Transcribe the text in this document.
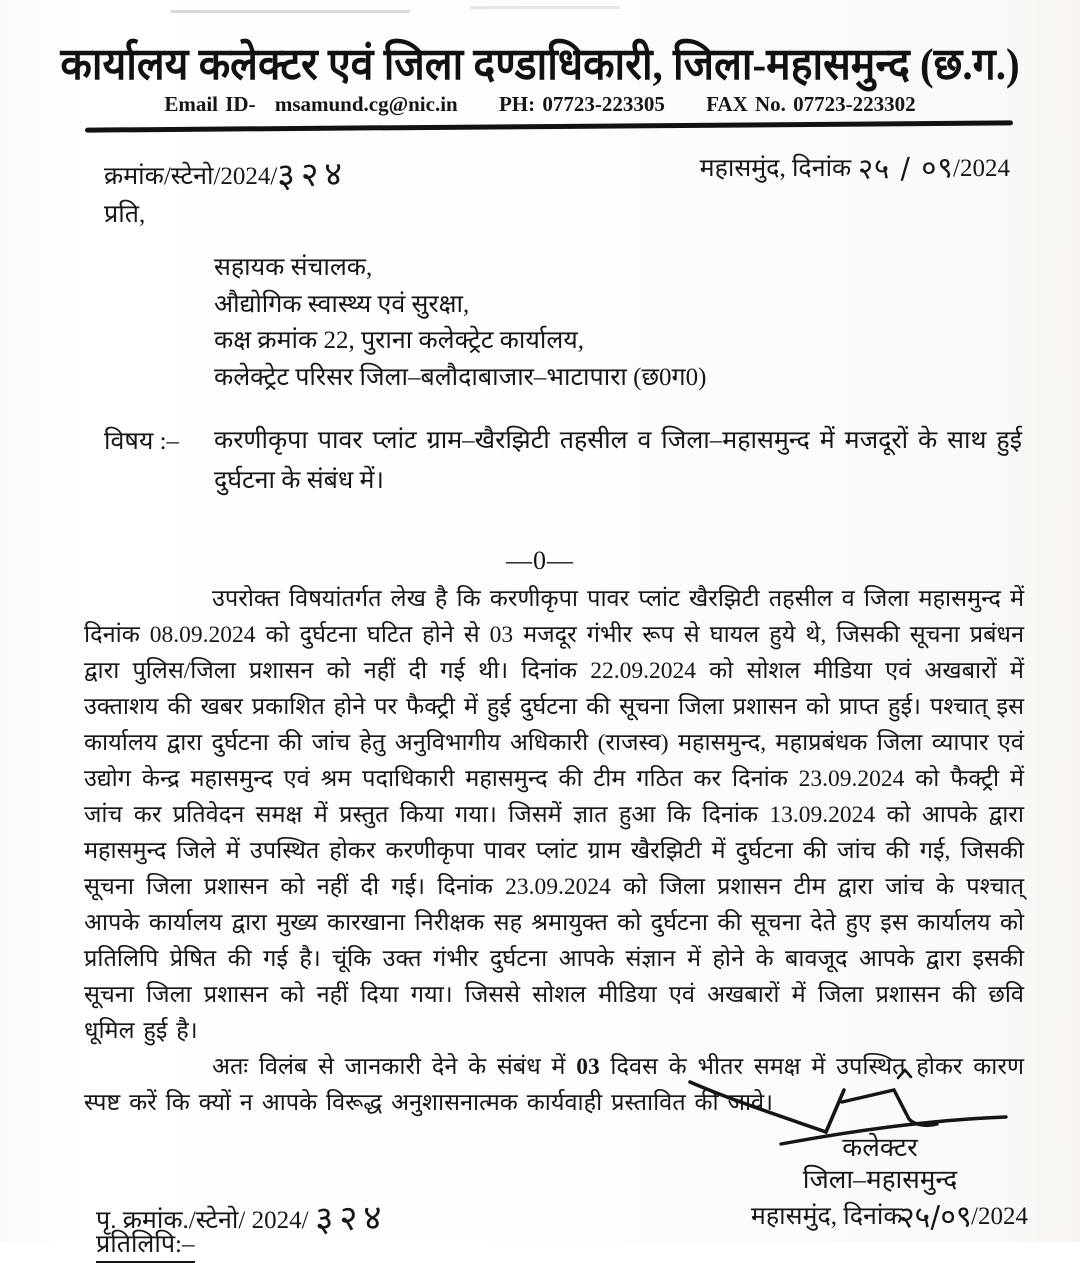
कार्यालय कलेक्टर एवं जिला दण्डाधिकारी, जिला-महासमुन्द (छ.ग.)
Email ID- msamund.cg@nic.in PH: 07723-223305 FAX No. 07723-223302
क्रमांक/स्टेनो/2024/३२४	महासमुंद, दिनांक २५ / ०९/2024
प्रति,
सहायक संचालक,
औद्योगिक स्वास्थ्य एवं सुरक्षा,
कक्ष क्रमांक 22, पुराना कलेक्ट्रेट कार्यालय,
कलेक्ट्रेट परिसर जिला–बलौदाबाजार–भाटापारा (छ0ग0)
विषय :– करणीकृपा पावर प्लांट ग्राम–खैरझिटी तहसील व जिला–महासमुन्द में मजदूरों के साथ हुई दुर्घटना के संबंध में।
—0—

उपरोक्त विषयांतर्गत लेख है कि करणीकृपा पावर प्लांट खैरझिटी तहसील व जिला महासमुन्द में दिनांक 08.09.2024 को दुर्घटना घटित होने से 03 मजदूर गंभीर रूप से घायल हुये थे, जिसकी सूचना प्रबंधन द्वारा पुलिस/जिला प्रशासन को नहीं दी गई थी। दिनांक 22.09.2024 को सोशल मीडिया एवं अखबारों में उक्ताशय की खबर प्रकाशित होने पर फैक्ट्री में हुई दुर्घटना की सूचना जिला प्रशासन को प्राप्त हुई। पश्चात् इस कार्यालय द्वारा दुर्घटना की जांच हेतु अनुविभागीय अधिकारी (राजस्व) महासमुन्द, महाप्रबंधक जिला व्यापार एवं उद्योग केन्द्र महासमुन्द एवं श्रम पदाधिकारी महासमुन्द की टीम गठित कर दिनांक 23.09.2024 को फैक्ट्री में जांच कर प्रतिवेदन समक्ष में प्रस्तुत किया गया। जिसमें ज्ञात हुआ कि दिनांक 13.09.2024 को आपके द्वारा महासमुन्द जिले में उपस्थित होकर करणीकृपा पावर प्लांट ग्राम खैरझिटी में दुर्घटना की जांच की गई, जिसकी सूचना जिला प्रशासन को नहीं दी गई। दिनांक 23.09.2024 को जिला प्रशासन टीम द्वारा जांच के पश्चात् आपके कार्यालय द्वारा मुख्य कारखाना निरीक्षक सह श्रमायुक्त को दुर्घटना की सूचना देते हुए इस कार्यालय को प्रतिलिपि प्रेषित की गई है। चूंकि उक्त गंभीर दुर्घटना आपके संज्ञान में होने के बावजूद आपके द्वारा इसकी सूचना जिला प्रशासन को नहीं दिया गया। जिससे सोशल मीडिया एवं अखबारों में जिला प्रशासन की छवि धूमिल हुई है।

अतः विलंब से जानकारी देने के संबंध में 03 दिवस के भीतर समक्ष में उपस्थित होकर कारण स्पष्ट करें कि क्यों न आपके विरूद्ध अनुशासनात्मक कार्यवाही प्रस्तावित की जावे।

कलेक्टर
जिला–महासमुन्द
पृ. क्रमांक./स्टेनो/ 2024/ ३२४	महासमुंद, दिनांक२५/०९/2024
प्रतिलिपि:–
